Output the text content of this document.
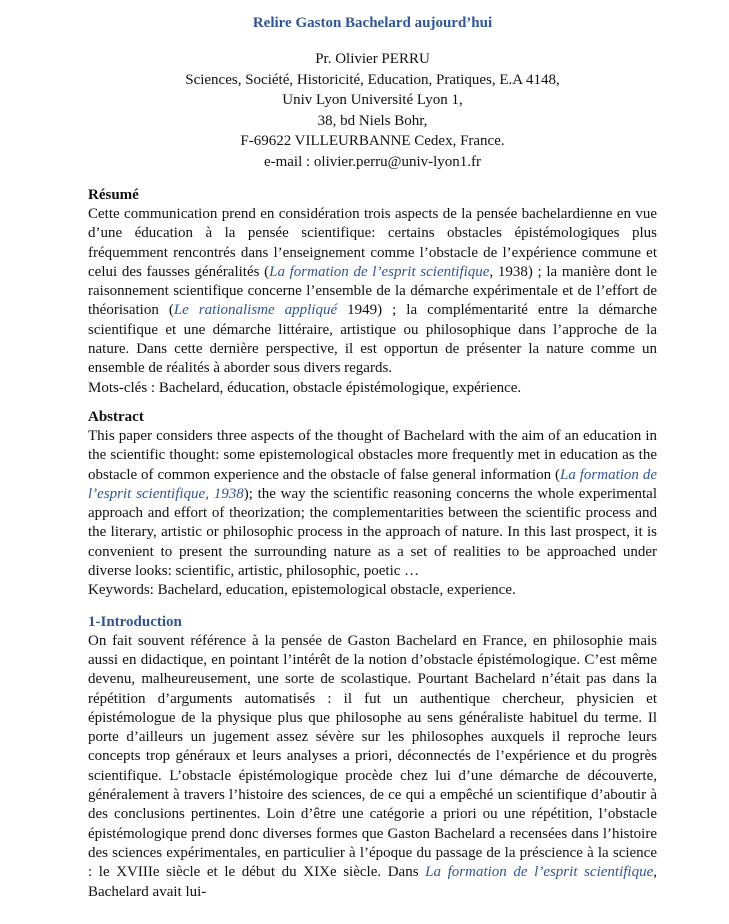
Relire Gaston Bachelard aujourd’hui
Pr. Olivier PERRU
Sciences, Société, Historicité, Education, Pratiques, E.A 4148,
Univ Lyon Université Lyon 1,
38, bd Niels Bohr,
F-69622 VILLEURBANNE Cedex, France.
e-mail : olivier.perru@univ-lyon1.fr
Résumé

Cette communication prend en considération trois aspects de la pensée bachelardienne en vue d’une éducation à la pensée scientifique: certains obstacles épistémologiques plus fréquemment rencontrés dans l’enseignement comme l’obstacle de l’expérience commune et celui des fausses généralités (La formation de l’esprit scientifique, 1938) ; la manière dont le raisonnement scientifique concerne l’ensemble de la démarche expérimentale et de l’effort de théorisation (Le rationalisme appliqué 1949) ; la complémentarité entre la démarche scientifique et une démarche littéraire, artistique ou philosophique dans l’approche de la nature. Dans cette dernière perspective, il est opportun de présenter la nature comme un ensemble de réalités à aborder sous divers regards.

Mots-clés : Bachelard, éducation, obstacle épistémologique, expérience.

Abstract

This paper considers three aspects of the thought of Bachelard with the aim of an education in the scientific thought: some epistemological obstacles more frequently met in education as the obstacle of common experience and the obstacle of false general information (La formation de l’esprit scientifique, 1938); the way the scientific reasoning concerns the whole experimental approach and effort of theorization; the complementarities between the scientific process and the literary, artistic or philosophic process in the approach of nature. In this last prospect, it is convenient to present the surrounding nature as a set of realities to be approached under diverse looks: scientific, artistic, philosophic, poetic …

Keywords: Bachelard, education, epistemological obstacle, experience.

1-Introduction

On fait souvent référence à la pensée de Gaston Bachelard en France, en philosophie mais aussi en didactique, en pointant l’intérêt de la notion d’obstacle épistémologique. C’est même devenu, malheureusement, une sorte de scolastique. Pourtant Bachelard n’était pas dans la répétition d’arguments automatisés : il fut un authentique chercheur, physicien et épistémologue de la physique plus que philosophe au sens généraliste habituel du terme. Il porte d’ailleurs un jugement assez sévère sur les philosophes auxquels il reproche leurs concepts trop généraux et leurs analyses a priori, déconnectés de l’expérience et du progrès scientifique. L’obstacle épistémologique procède chez lui d’une démarche de découverte, généralement à travers l’histoire des sciences, de ce qui a empêché un scientifique d’aboutir à des conclusions pertinentes. Loin d’être une catégorie a priori ou une répétition, l’obstacle épistémologique prend donc diverses formes que Gaston Bachelard a recensées dans l’histoire des sciences expérimentales, en particulier à l’époque du passage de la préscience à la science : le XVIIIe siècle et le début du XIXe siècle. Dans La formation de l’esprit scientifique, Bachelard avait lui-
